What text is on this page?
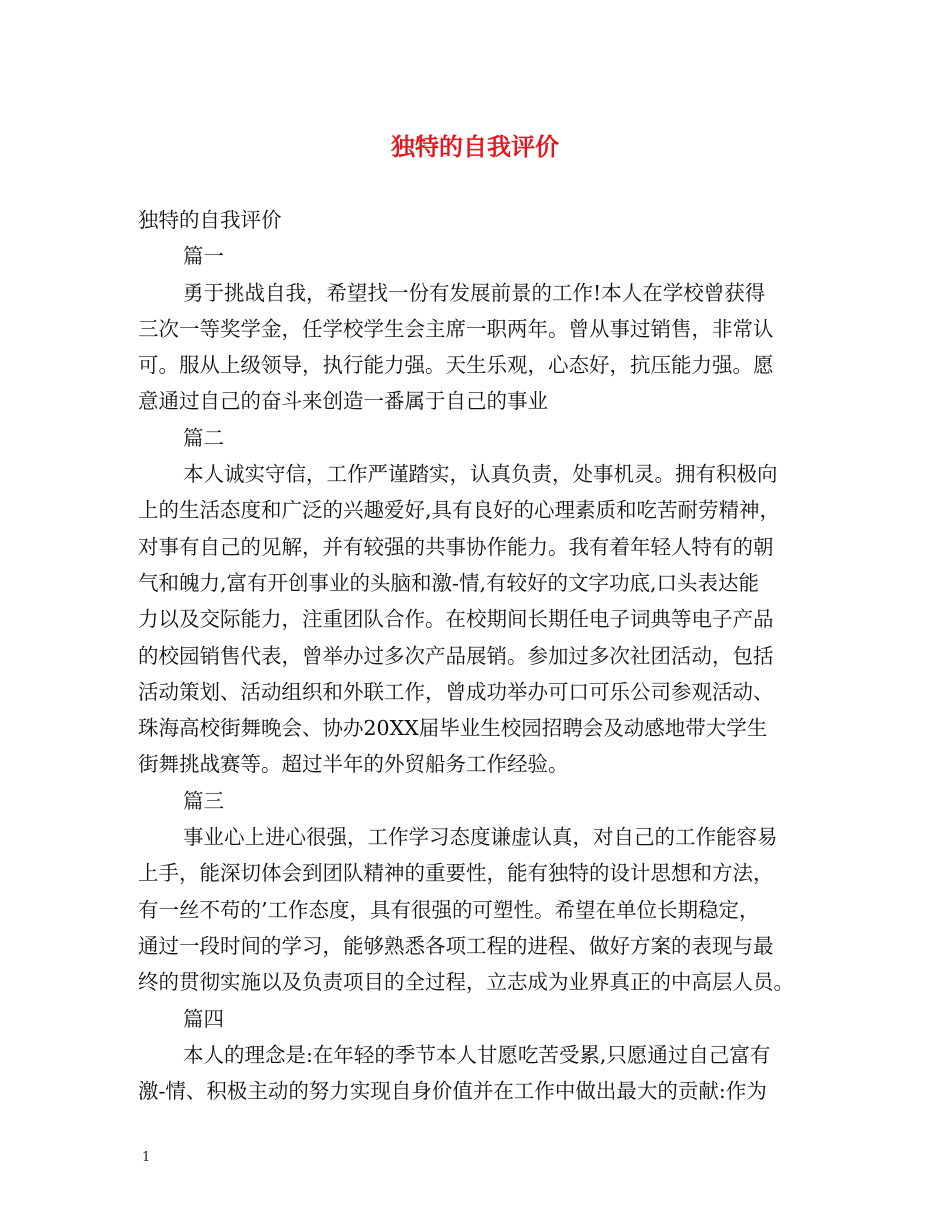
独特的自我评价
独特的自我评价
篇一
勇于挑战自我，希望找一份有发展前景的工作!本人在学校曾获得
三次一等奖学金，任学校学生会主席一职两年。曾从事过销售，非常认
可。服从上级领导，执行能力强。天生乐观，心态好，抗压能力强。愿
意通过自己的奋斗来创造一番属于自己的事业
篇二
本人诚实守信，工作严谨踏实，认真负责，处事机灵。拥有积极向
上的生活态度和广泛的兴趣爱好,具有良好的心理素质和吃苦耐劳精神，
对事有自己的见解，并有较强的共事协作能力。我有着年轻人特有的朝
气和魄力,富有开创事业的头脑和激-情,有较好的文字功底,口头表达能
力以及交际能力，注重团队合作。在校期间长期任电子词典等电子产品
的校园销售代表，曾举办过多次产品展销。参加过多次社团活动，包括
活动策划、活动组织和外联工作，曾成功举办可口可乐公司参观活动、
珠海高校街舞晚会、协办20XX届毕业生校园招聘会及动感地带大学生
街舞挑战赛等。超过半年的外贸船务工作经验。
篇三
事业心上进心很强，工作学习态度谦虚认真，对自己的工作能容易
上手，能深切体会到团队精神的重要性，能有独特的设计思想和方法，
有一丝不苟的’工作态度，具有很强的可塑性。希望在单位长期稳定，
通过一段时间的学习，能够熟悉各项工程的进程、做好方案的表现与最
终的贯彻实施以及负责项目的全过程，立志成为业界真正的中高层人员。
篇四
本人的理念是:在年轻的季节本人甘愿吃苦受累,只愿通过自己富有
激-情、积极主动的努力实现自身价值并在工作中做出最大的贡献:作为
1
